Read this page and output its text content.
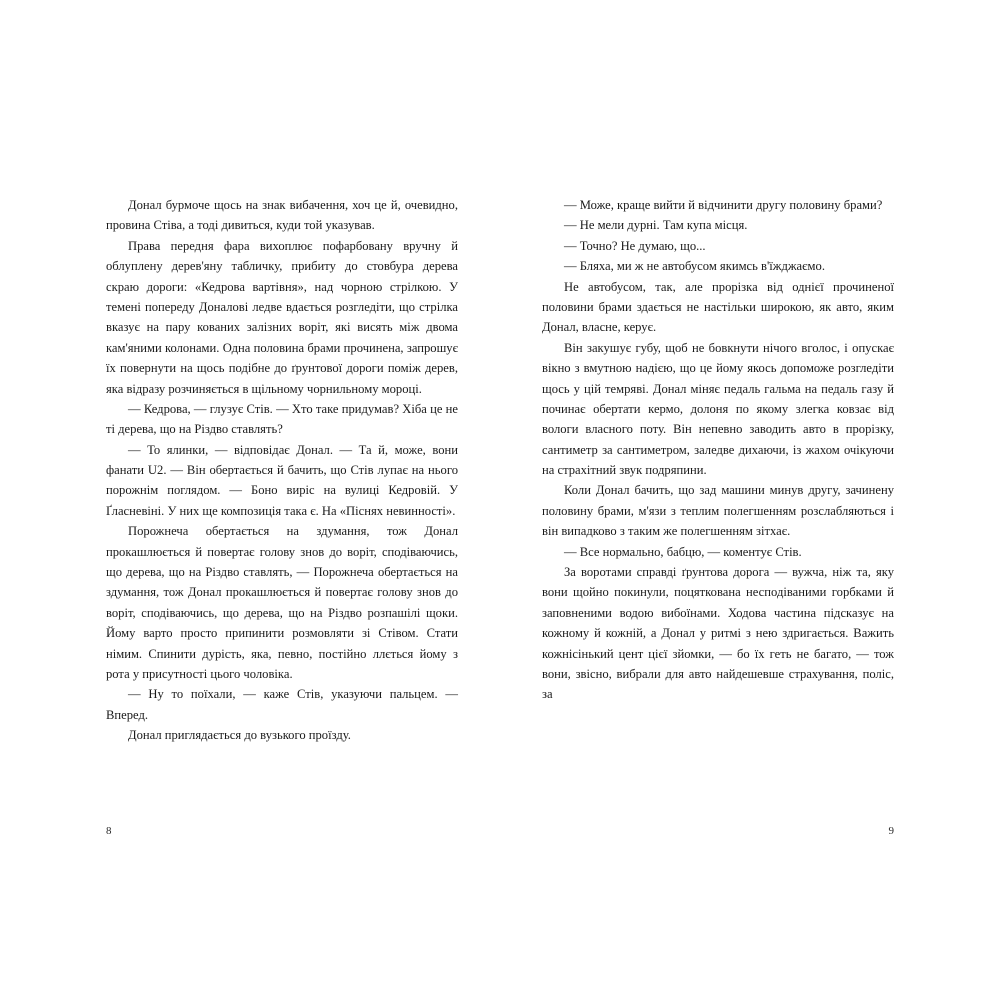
Донал бурмоче щось на знак вибачення, хоч це й, очевидно, провина Стіва, а тоді дивиться, куди той указував.

Права передня фара вихоплює пофарбовану вручну й облуплену дерев'яну табличку, прибиту до стовбура дерева скраю дороги: «Кедрова вартівня», над чорною стрілкою. У темені попереду Доналові ледве вдається розгледіти, що стрілка вказує на пару кованих залізних воріт, які висять між двома кам'яними колонами. Одна половина брами прочинена, запрошує їх повернути на щось подібне до ґрунтової дороги поміж дерев, яка відразу розчиняється в щільному чорнильному мороці.

— Кедрова, — глузує Стів. — Хто таке придумав? Хіба це не ті дерева, що на Різдво ставлять?

— То ялинки, — відповідає Донал. — Та й, може, вони фанати U2. — Він обертається й бачить, що Стів лупає на нього порожнім поглядом. — Боно виріс на вулиці Кедровій. У Ґласневіні. У них ще композиція така є. На «Піснях невинності».

Порожнеча обертається на здумання, тож Донал прокашлюється й повертає голову знов до воріт, сподіваючись, що дерева, що на Різдво ставлять, — Порожнеча обертається на здумання, тож Донал прокашлюється й повертає голову знов до воріт, сподіваючись, що дерева, що на Різдво розпашілі щоки. Йому варто просто припинити розмовляти зі Стівом. Стати німим. Спинити дурість, яка, певно, постійно ллється йому з рота у присутності цього чоловіка.

— Ну то поїхали, — каже Стів, указуючи пальцем. — Вперед.

Донал приглядається до вузького проїзду.

8

— Може, краще вийти й відчинити другу половину брами?

— Не мели дурні. Там купа місця.

— Точно? Не думаю, що...

— Бляха, ми ж не автобусом якимсь в'їжджаємо.

Не автобусом, так, але прорізка від однієї прочиненої половини брами здається не настільки широкою, як авто, яким Донал, власне, керує.

Він закушує губу, щоб не бовкнути нічого вголос, і опускає вікно з вмутною надією, що це йому якось допоможе розгледіти щось у цій темряві. Донал міняє педаль гальма на педаль газу й починає обертати кермо, долоня по якому злегка ковзає від вологи власного поту. Він непевно заводить авто в прорізку, сантиметр за сантиметром, заледве дихаючи, із жахом очікуючи на страхітний звук подряпини.

Коли Донал бачить, що зад машини минув другу, зачинену половину брами, м'язи з теплим полегшенням розслабляються і він випадково з таким же полегшенням зітхає.

— Все нормально, бабцю, — коментує Стів.

За воротами справді ґрунтова дорога — вужча, ніж та, яку вони щойно покинули, поцяткована несподіваними горбками й заповненими водою вибоїнами. Ходова частина підсказує на кожному й кожній, а Донал у ритмі з нею здригається. Важить кожнісінький цент цієї зйомки, — бо їх геть не багато, — тож вони, звісно, вибрали для авто найдешевше страхування, поліс, за

9
